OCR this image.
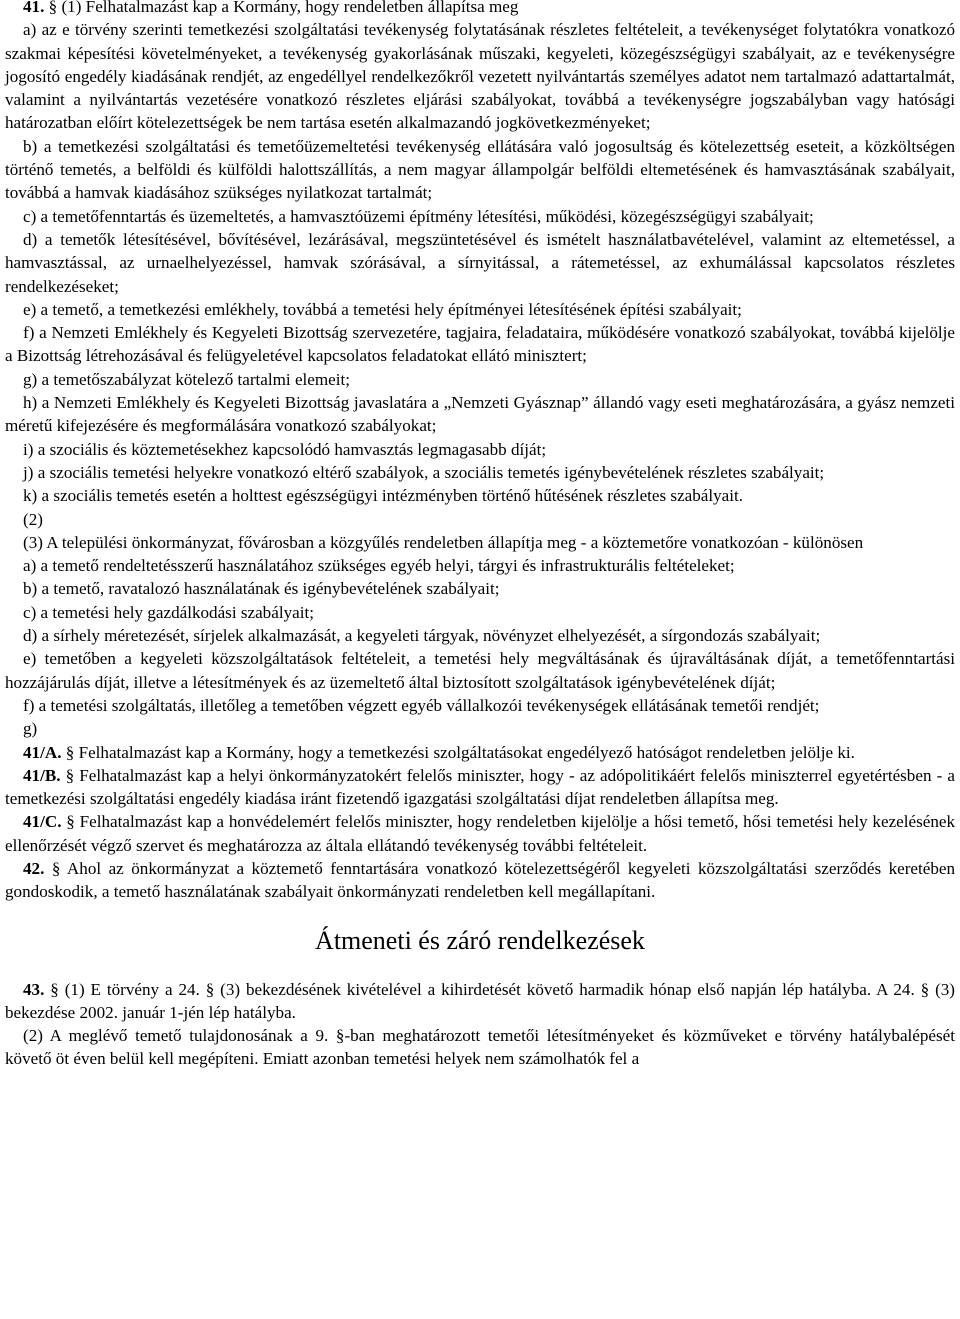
41. § (1) Felhatalmazást kap a Kormány, hogy rendeletben állapítsa meg

a) az e törvény szerinti temetkezési szolgáltatási tevékenység folytatásának részletes feltételeit, a tevékenységet folytatókra vonatkozó szakmai képesítési követelményeket, a tevékenység gyakorlásának műszaki, kegyeleti, közegészségügyi szabályait, az e tevékenységre jogosító engedély kiadásának rendjét, az engedéllyel rendelkezőkről vezetett nyilvántartás személyes adatot nem tartalmazó adattartalmát, valamint a nyilvántartás vezetésére vonatkozó részletes eljárási szabályokat, továbbá a tevékenységre jogszabályban vagy hatósági határozatban előírt kötelezettségek be nem tartása esetén alkalmazandó jogkövetkezményeket;

b) a temetkezési szolgáltatási és temetőüzemeltetési tevékenység ellátására való jogosultság és kötelezettség eseteit, a közköltségen történő temetés, a belföldi és külföldi halottszállítás, a nem magyar állampolgár belföldi eltemetésének és hamvasztásának szabályait, továbbá a hamvak kiadásához szükséges nyilatkozat tartalmát;

c) a temetőfenntartás és üzemeltetés, a hamvasztóüzemi építmény létesítési, működési, közegészségügyi szabályait;

d) a temetők létesítésével, bővítésével, lezárásával, megszüntetésével és ismételt használatbavételével, valamint az eltemetéssel, a hamvasztással, az urnaelhelyezéssel, hamvak szórásával, a sírnyitással, a rátemetéssel, az exhumálással kapcsolatos részletes rendelkezéseket;

e) a temető, a temetkezési emlékhely, továbbá a temetési hely építményei létesítésének építési szabályait;

f) a Nemzeti Emlékhely és Kegyeleti Bizottság szervezetére, tagjaira, feladataira, működésére vonatkozó szabályokat, továbbá kijelölje a Bizottság létrehozásával és felügyeletével kapcsolatos feladatokat ellátó minisztert;

g) a temetőszabályzat kötelező tartalmi elemeit;

h) a Nemzeti Emlékhely és Kegyeleti Bizottság javaslatára a „Nemzeti Gyásznap” állandó vagy eseti meghatározására, a gyász nemzeti méretű kifejezésére és megformálására vonatkozó szabályokat;

i) a szociális és köztemetésekhez kapcsolódó hamvasztás legmagasabb díját;

j) a szociális temetési helyekre vonatkozó eltérő szabályok, a szociális temetés igénybevételének részletes szabályait;

k) a szociális temetés esetén a holttest egészségügyi intézményben történő hűtésének részletes szabályait.

(2)

(3) A települési önkormányzat, fővárosban a közgyűlés rendeletben állapítja meg - a köztemetőre vonatkozóan - különösen

a) a temető rendeltetésszerű használatához szükséges egyéb helyi, tárgyi és infrastrukturális feltételeket;

b) a temető, ravatalozó használatának és igénybevételének szabályait;

c) a temetési hely gazdálkodási szabályait;

d) a sírhely méretezését, sírjelek alkalmazását, a kegyeleti tárgyak, növényzet elhelyezését, a sírgondozás szabályait;

e) temetőben a kegyeleti közszolgáltatások feltételeit, a temetési hely megváltásának és újraváltásának díját, a temetőfenntartási hozzájárulás díját, illetve a létesítmények és az üzemeltető által biztosított szolgáltatások igénybevételének díját;

f) a temetési szolgáltatás, illetőleg a temetőben végzett egyéb vállalkozói tevékenységek ellátásának temetői rendjét;

g)

41/A. § Felhatalmazást kap a Kormány, hogy a temetkezési szolgáltatásokat engedélyező hatóságot rendeletben jelölje ki.

41/B. § Felhatalmazást kap a helyi önkormányzatokért felelős miniszter, hogy - az adópolitikáért felelős miniszterrel egyetértésben - a temetkezési szolgáltatási engedély kiadása iránt fizetendő igazgatási szolgáltatási díjat rendeletben állapítsa meg.

41/C. § Felhatalmazást kap a honvédelemért felelős miniszter, hogy rendeletben kijelölje a hősi temető, hősi temetési hely kezelésének ellenőrzését végző szervet és meghatározza az általa ellátandó tevékenység további feltételeit.

42. § Ahol az önkormányzat a köztemető fenntartására vonatkozó kötelezettségéről kegyeleti közszolgáltatási szerződés keretében gondoskodik, a temető használatának szabályait önkormányzati rendeletben kell megállapítani.

Átmeneti és záró rendelkezések

43. § (1) E törvény a 24. § (3) bekezdésének kivételével a kihirdetését követő harmadik hónap első napján lép hatályba. A 24. § (3) bekezdése 2002. január 1-jén lép hatályba.

(2) A meglévő temető tulajdonosának a 9. §-ban meghatározott temetői létesítményeket és közműveket e törvény hatálybalépését követő öt éven belül kell megépíteni. Emiatt azonban temetési helyek nem számolhatók fel a
